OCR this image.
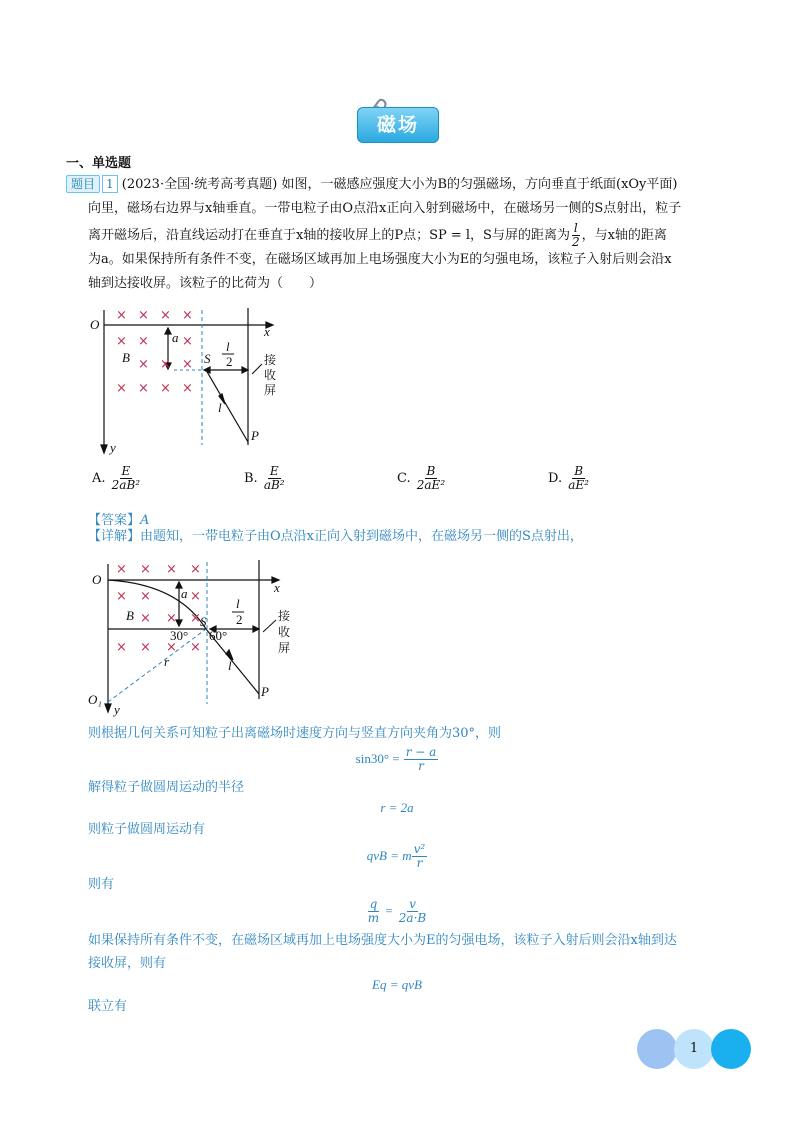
磁场
一、单选题
题目 1 (2023·全国·统考高考真题) 如图，一磁感应强度大小为B的匀强磁场，方向垂直于纸面(xOy平面)
向里，磁场右边界与x轴垂直。一带电粒子由O点沿x正向入射到磁场中，在磁场另一侧的S点射出，粒子
离开磁场后，沿直线运动打在垂直于x轴的接收屏上的P点；SP = l，S与屏的距离为 $\frac{l}{2}$ ，与x轴的距离
为a。如果保持所有条件不变，在磁场区域再加上电场强度大小为E的匀强电场，该粒子入射后则会沿x
轴到达接收屏。该粒子的比荷为（　　）
× × × ×
× ×	×
× × ×
× × × ×
O	x
y
B
a
S
l
P
l
2	接
收
屏
A. $\frac{E}{\text{2aB²}}$	B. $\frac{E}{\text{aB²}}$	C. $\frac{B}{\text{2aE²}}$	D. $\frac{B}{\text{aE²}}$
【答案】A
【详解】由题知，一带电粒子由O点沿x正向入射到磁场中，在磁场另一侧的S点射出，
× × × ×
× ×	×
× × ×
× × × ×
O
O₁
x
y
B
a
S
l
r
P
30° 60°
l
2	接
收
屏
则根据几何关系可知粒子出离磁场时速度方向与竖直方向夹角为30°，则
$\sin 30^\circ = \frac{r - a}{r}$
解得粒子做圆周运动的半径
r = 2a
则粒子做圆周运动有
qvB = m $\frac{\text{v²}}{r}$
则有
$\frac{q}{m} = \frac{v}{2a\cdot B}$
如果保持所有条件不变，在磁场区域再加上电场强度大小为E的匀强电场，该粒子入射后则会沿x轴到达
接收屏，则有
Eq = qvB
联立有
1
